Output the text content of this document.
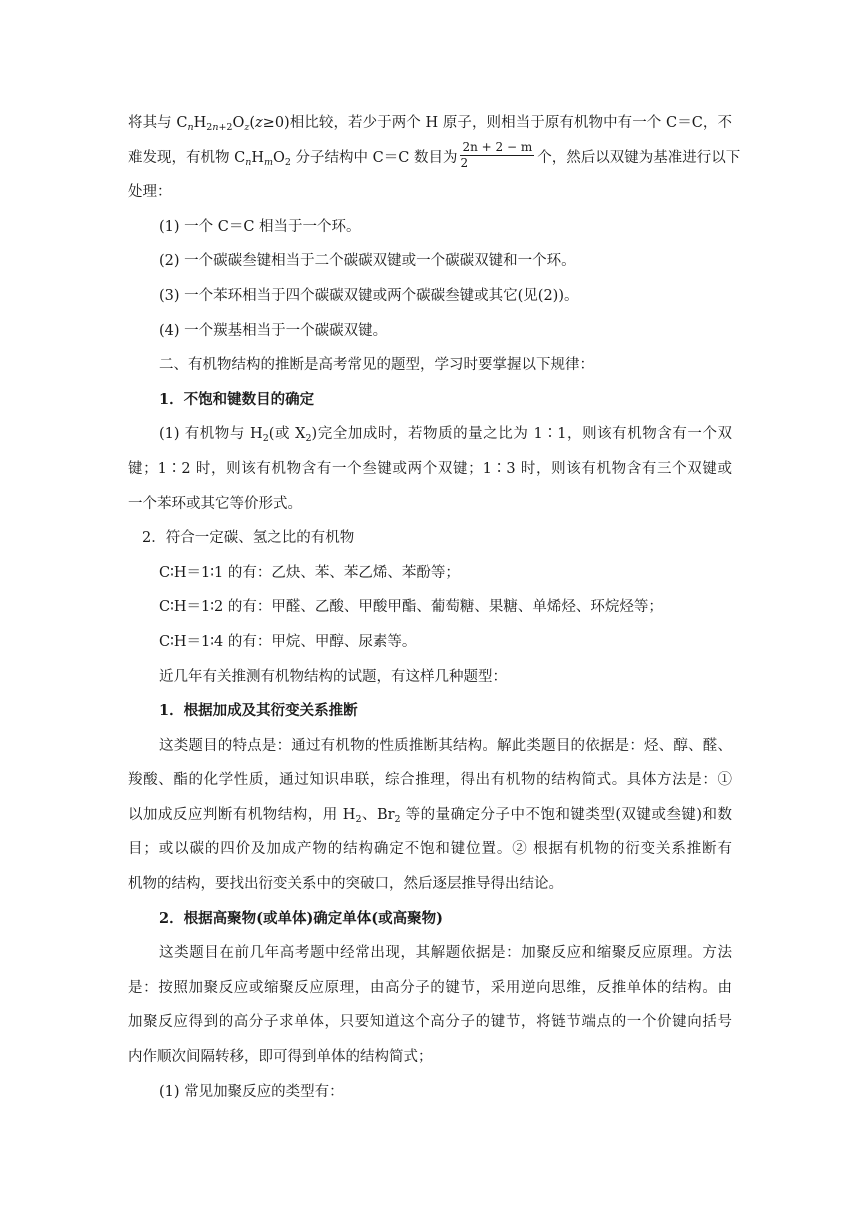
将其与 $C_nH_{2n+2}O_z(z\ge 0)$相比较，若少于两个 H 原子，则相当于原有机物中有一个 C＝C，不
难发现，有机物 $C_nH_mO_2$ 分子结构中 C＝C 数目为 $\frac{2n + 2 - m}{2}$ 个，然后以双键为基准进行以下
处理：
(1) 一个 C＝C 相当于一个环。
(2) 一个碳碳叁键相当于二个碳碳双键或一个碳碳双键和一个环。
(3) 一个苯环相当于四个碳碳双键或两个碳碳叁键或其它(见(2))。
(4) 一个羰基相当于一个碳碳双键。
二、有机物结构的推断是高考常见的题型，学习时要掌握以下规律：
1．不饱和键数目的确定
(1) 有机物与 $H_2$(或 $X_2$)完全加成时，若物质的量之比为 1∶1，则该有机物含有一个双
键；1∶2 时，则该有机物含有一个叁键或两个双键；1∶3 时，则该有机物含有三个双键或
一个苯环或其它等价形式。
2．符合一定碳、氢之比的有机物
C∶H＝1∶1 的有：乙炔、苯、苯乙烯、苯酚等；
C∶H＝1∶2 的有：甲醛、乙酸、甲酸甲酯、葡萄糖、果糖、单烯烃、环烷烃等；
C∶H＝1∶4 的有：甲烷、甲醇、尿素等。
近几年有关推测有机物结构的试题，有这样几种题型：
1．根据加成及其衍变关系推断
这类题目的特点是：通过有机物的性质推断其结构。解此类题目的依据是：烃、醇、醛、
羧酸、酯的化学性质，通过知识串联，综合推理，得出有机物的结构简式。具体方法是：①
以加成反应判断有机物结构，用 $H_2$、$Br_2$ 等的量确定分子中不饱和键类型(双键或叁键)和数
目；或以碳的四价及加成产物的结构确定不饱和键位置。② 根据有机物的衍变关系推断有
机物的结构，要找出衍变关系中的突破口，然后逐层推导得出结论。
2．根据高聚物(或单体)确定单体(或高聚物)
这类题目在前几年高考题中经常出现，其解题依据是：加聚反应和缩聚反应原理。方法
是：按照加聚反应或缩聚反应原理，由高分子的键节，采用逆向思维，反推单体的结构。由
加聚反应得到的高分子求单体，只要知道这个高分子的键节，将链节端点的一个价键向括号
内作顺次间隔转移，即可得到单体的结构简式；
(1) 常见加聚反应的类型有：
